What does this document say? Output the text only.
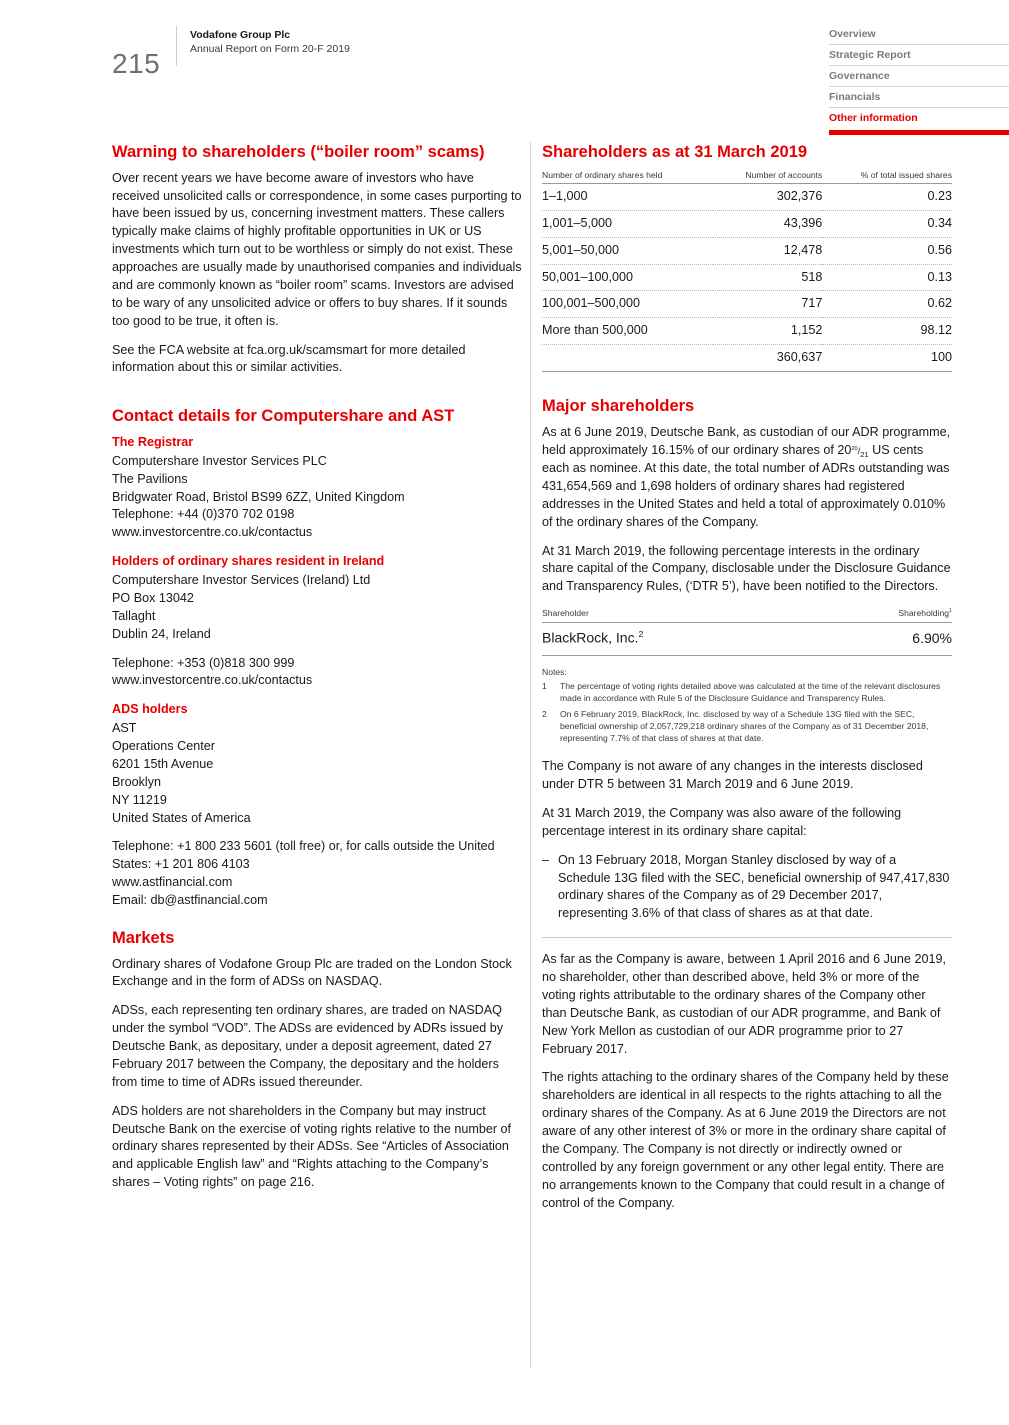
215
Vodafone Group Plc
Annual Report on Form 20-F 2019
Overview
Strategic Report
Governance
Financials
Other information
Warning to shareholders (“boiler room” scams)

Over recent years we have become aware of investors who have received unsolicited calls or correspondence, in some cases purporting to have been issued by us, concerning investment matters. These callers typically make claims of highly profitable opportunities in UK or US investments which turn out to be worthless or simply do not exist. These approaches are usually made by unauthorised companies and individuals and are commonly known as “boiler room” scams. Investors are advised to be wary of any unsolicited advice or offers to buy shares. If it sounds too good to be true, it often is.

See the FCA website at fca.org.uk/scamsmart for more detailed information about this or similar activities.

Contact details for Computershare and AST
The Registrar

Computershare Investor Services PLC

The Pavilions

Bridgwater Road, Bristol BS99 6ZZ, United Kingdom

Telephone: +44 (0)370 702 0198

www.investorcentre.co.uk/contactus

Holders of ordinary shares resident in Ireland

Computershare Investor Services (Ireland) Ltd

PO Box 13042

Tallaght

Dublin 24, Ireland

Telephone: +353 (0)818 300 999

www.investorcentre.co.uk/contactus

ADS holders

AST

Operations Center

6201 15th Avenue

Brooklyn

NY 11219

United States of America

Telephone: +1 800 233 5601 (toll free) or, for calls outside the United States: +1 201 806 4103

www.astfinancial.com

Email: db@astfinancial.com

Markets

Ordinary shares of Vodafone Group Plc are traded on the London Stock Exchange and in the form of ADSs on NASDAQ.

ADSs, each representing ten ordinary shares, are traded on NASDAQ under the symbol “VOD”. The ADSs are evidenced by ADRs issued by Deutsche Bank, as depositary, under a deposit agreement, dated 27 February 2017 between the Company, the depositary and the holders from time to time of ADRs issued thereunder.

ADS holders are not shareholders in the Company but may instruct Deutsche Bank on the exercise of voting rights relative to the number of ordinary shares represented by their ADSs. See “Articles of Association and applicable English law” and “Rights attaching to the Company’s shares – Voting rights” on page 216.

Shareholders as at 31 March 2019
Number of ordinary shares held	Number of accounts	% of total issued shares
1–1,000	302,376	0.23
1,001–5,000	43,396	0.34
5,001–50,000	12,478	0.56
50,001–100,000	518	0.13
100,001–500,000	717	0.62
More than 500,000	1,152	98.12
	360,637	100
Major shareholders

As at 6 June 2019, Deutsche Bank, as custodian of our ADR programme, held approximately 16.15% of our ordinary shares of $20^{20}/_{21}$ US cents each as nominee. At this date, the total number of ADRs outstanding was 431,654,569 and 1,698 holders of ordinary shares had registered addresses in the United States and held a total of approximately 0.010% of the ordinary shares of the Company.

At 31 March 2019, the following percentage interests in the ordinary share capital of the Company, disclosable under the Disclosure Guidance and Transparency Rules, (‘DTR 5’), have been notified to the Directors.

Shareholder	Shareholding$^1$
BlackRock, Inc.$^2$	6.90%
Notes:
1 The percentage of voting rights detailed above was calculated at the time of the relevant disclosures made in accordance with Rule 5 of the Disclosure Guidance and Transparency Rules.
2 On 6 February 2019, BlackRock, Inc. disclosed by way of a Schedule 13G filed with the SEC, beneficial ownership of 2,057,729,218 ordinary shares of the Company as of 31 December 2018, representing 7.7% of that class of shares at that date.

The Company is not aware of any changes in the interests disclosed under DTR 5 between 31 March 2019 and 6 June 2019.

At 31 March 2019, the Company was also aware of the following percentage interest in its ordinary share capital:

– On 13 February 2018, Morgan Stanley disclosed by way of a Schedule 13G filed with the SEC, beneficial ownership of 947,417,830 ordinary shares of the Company as of 29 December 2017, representing 3.6% of that class of shares as at that date.

As far as the Company is aware, between 1 April 2016 and 6 June 2019, no shareholder, other than described above, held 3% or more of the voting rights attributable to the ordinary shares of the Company other than Deutsche Bank, as custodian of our ADR programme, and Bank of New York Mellon as custodian of our ADR programme prior to 27 February 2017.

The rights attaching to the ordinary shares of the Company held by these shareholders are identical in all respects to the rights attaching to all the ordinary shares of the Company. As at 6 June 2019 the Directors are not aware of any other interest of 3% or more in the ordinary share capital of the Company. The Company is not directly or indirectly owned or controlled by any foreign government or any other legal entity. There are no arrangements known to the Company that could result in a change of control of the Company.
